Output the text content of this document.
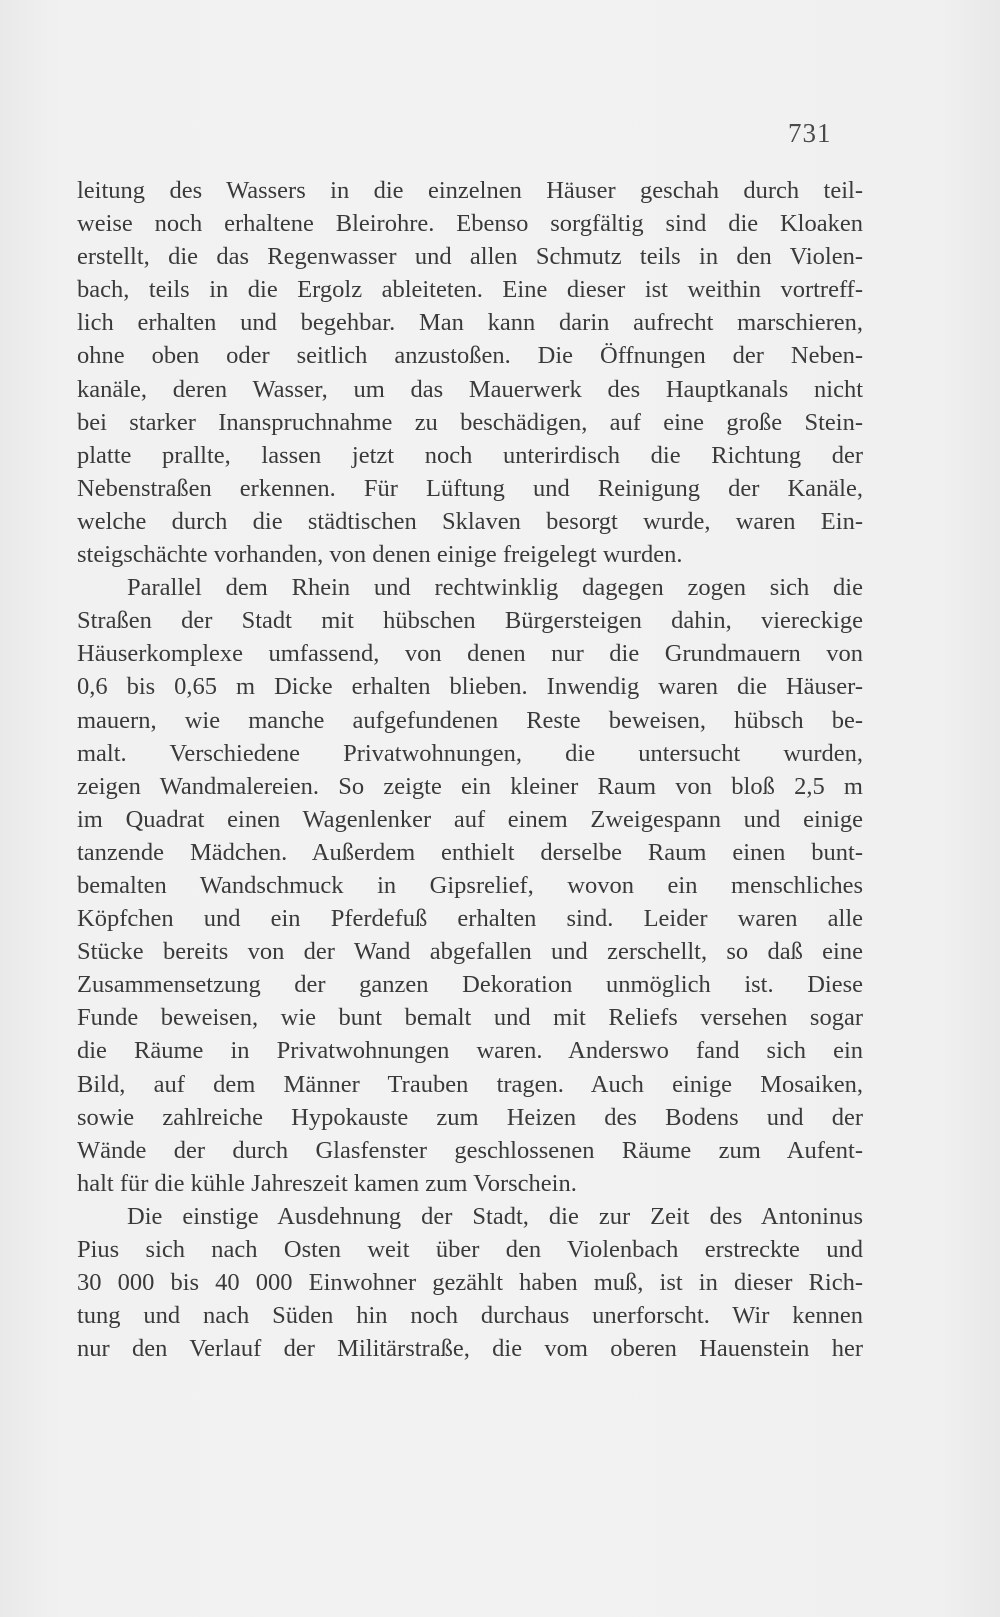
731
leitung des Wassers in die einzelnen Häuser geschah durch teil-
weise noch erhaltene Bleirohre. Ebenso sorgfältig sind die Kloaken
erstellt, die das Regenwasser und allen Schmutz teils in den Violen-
bach, teils in die Ergolz ableiteten. Eine dieser ist weithin vortreff-
lich erhalten und begehbar. Man kann darin aufrecht marschieren,
ohne oben oder seitlich anzustoßen. Die Öffnungen der Neben-
kanäle, deren Wasser, um das Mauerwerk des Hauptkanals nicht
bei starker Inanspruchnahme zu beschädigen, auf eine große Stein-
platte prallte, lassen jetzt noch unterirdisch die Richtung der
Nebenstraßen erkennen. Für Lüftung und Reinigung der Kanäle,
welche durch die städtischen Sklaven besorgt wurde, waren Ein-
steigschächte vorhanden, von denen einige freigelegt wurden.
Parallel dem Rhein und rechtwinklig dagegen zogen sich die
Straßen der Stadt mit hübschen Bürgersteigen dahin, viereckige
Häuserkomplexe umfassend, von denen nur die Grundmauern von
0,6 bis 0,65 m Dicke erhalten blieben. Inwendig waren die Häuser-
mauern, wie manche aufgefundenen Reste beweisen, hübsch be-
malt. Verschiedene Privatwohnungen, die untersucht wurden,
zeigen Wandmalereien. So zeigte ein kleiner Raum von bloß 2,5 m
im Quadrat einen Wagenlenker auf einem Zweigespann und einige
tanzende Mädchen. Außerdem enthielt derselbe Raum einen bunt-
bemalten Wandschmuck in Gipsrelief, wovon ein menschliches
Köpfchen und ein Pferdefuß erhalten sind. Leider waren alle
Stücke bereits von der Wand abgefallen und zerschellt, so daß eine
Zusammensetzung der ganzen Dekoration unmöglich ist. Diese
Funde beweisen, wie bunt bemalt und mit Reliefs versehen sogar
die Räume in Privatwohnungen waren. Anderswo fand sich ein
Bild, auf dem Männer Trauben tragen. Auch einige Mosaiken,
sowie zahlreiche Hypokauste zum Heizen des Bodens und der
Wände der durch Glasfenster geschlossenen Räume zum Aufent-
halt für die kühle Jahreszeit kamen zum Vorschein.
Die einstige Ausdehnung der Stadt, die zur Zeit des Antoninus
Pius sich nach Osten weit über den Violenbach erstreckte und
30 000 bis 40 000 Einwohner gezählt haben muß, ist in dieser Rich-
tung und nach Süden hin noch durchaus unerforscht. Wir kennen
nur den Verlauf der Militärstraße, die vom oberen Hauenstein her
